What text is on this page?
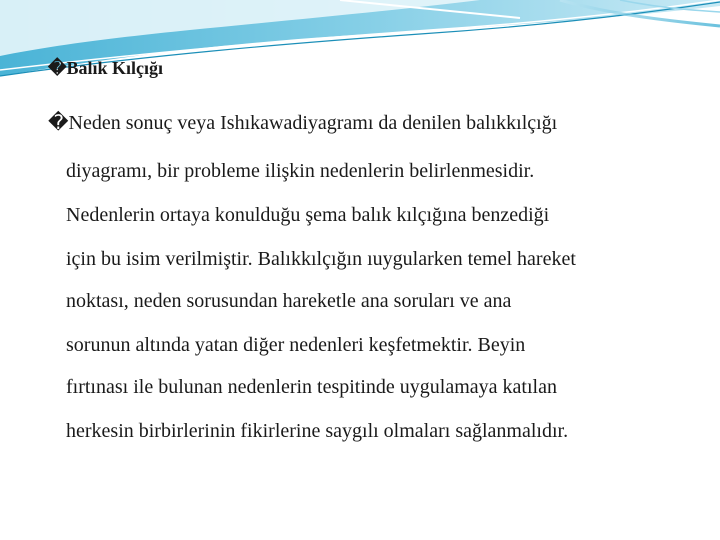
�Balık Kılçığı
�Neden sonuç veya Ishıkawadiyagramı da denilen balıkkılçığı
diyagramı, bir probleme ilişkin nedenlerin belirlenmesidir.
Nedenlerin ortaya konulduğu şema balık kılçığına benzediği
için bu isim verilmiştir. Balıkkılçığın ıuygularken temel hareket
noktası, neden sorusundan hareketle ana soruları ve ana
sorunun altında yatan diğer nedenleri keşfetmektir. Beyin
fırtınası ile bulunan nedenlerin tespitinde uygulamaya katılan
herkesin birbirlerinin fikirlerine saygılı olmaları sağlanmalıdır.
